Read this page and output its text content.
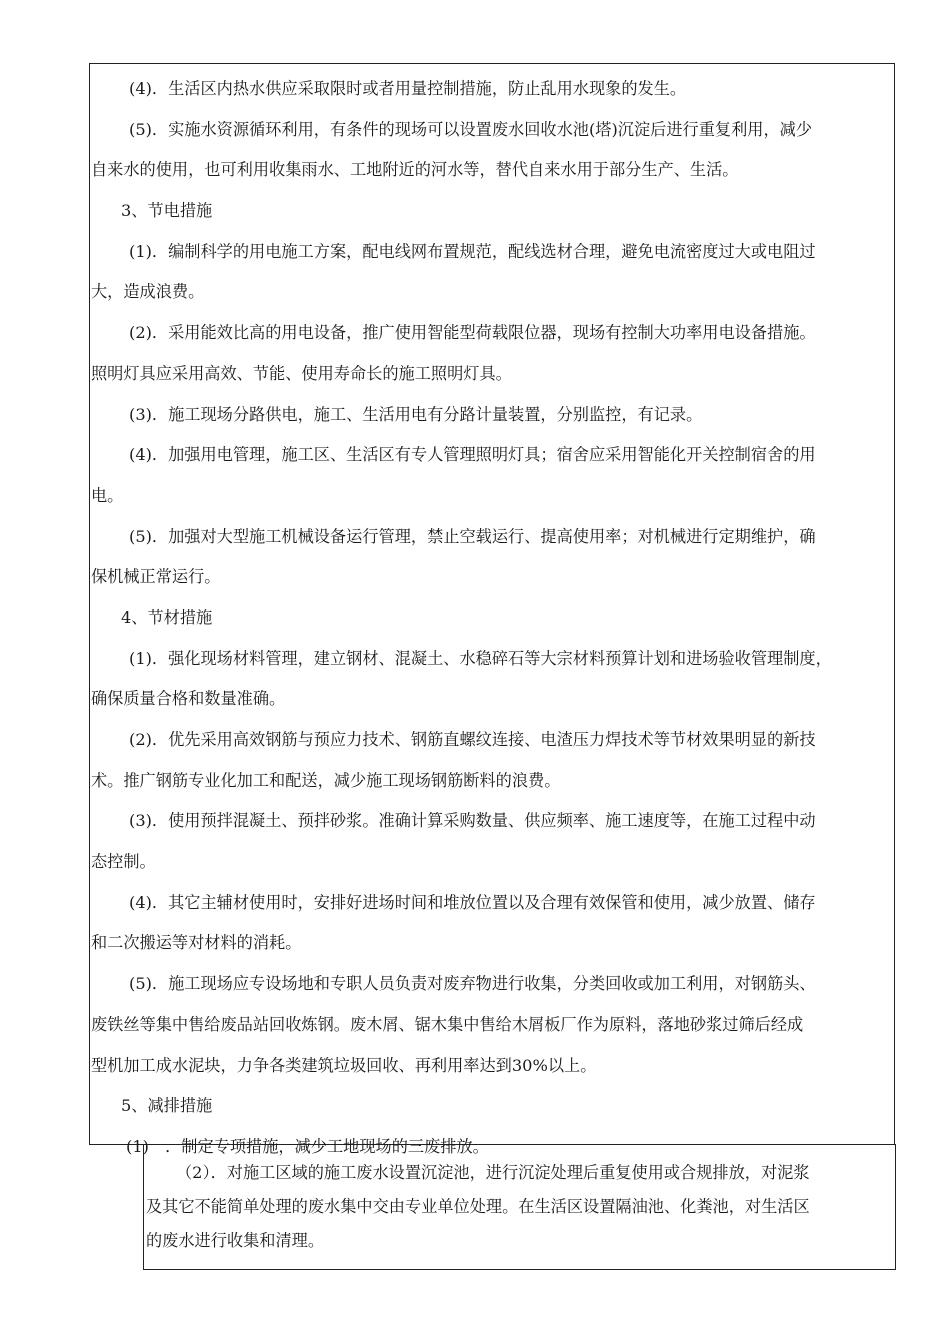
(4)．生活区内热水供应采取限时或者用量控制措施，防止乱用水现象的发生。
(5)．实施水资源循环利用，有条件的现场可以设置废水回收水池(塔)沉淀后进行重复利用，减少
自来水的使用，也可利用收集雨水、工地附近的河水等，替代自来水用于部分生产、生活。
3、节电措施
(1)．编制科学的用电施工方案，配电线网布置规范，配线选材合理，避免电流密度过大或电阻过
大，造成浪费。
(2)．采用能效比高的用电设备，推广使用智能型荷载限位器，现场有控制大功率用电设备措施。
照明灯具应采用高效、节能、使用寿命长的施工照明灯具。
(3)．施工现场分路供电，施工、生活用电有分路计量装置，分别监控，有记录。
(4)．加强用电管理，施工区、生活区有专人管理照明灯具；宿舍应采用智能化开关控制宿舍的用
电。
(5)．加强对大型施工机械设备运行管理，禁止空载运行、提高使用率；对机械进行定期维护，确
保机械正常运行。
4、节材措施
(1)．强化现场材料管理，建立钢材、混凝土、水稳碎石等大宗材料预算计划和进场验收管理制度，
确保质量合格和数量准确。
(2)．优先采用高效钢筋与预应力技术、钢筋直螺纹连接、电渣压力焊技术等节材效果明显的新技
术。推广钢筋专业化加工和配送，减少施工现场钢筋断料的浪费。
(3)．使用预拌混凝土、预拌砂浆。准确计算采购数量、供应频率、施工速度等，在施工过程中动
态控制。
(4)．其它主辅材使用时，安排好进场时间和堆放位置以及合理有效保管和使用，减少放置、储存
和二次搬运等对材料的消耗。
(5)．施工现场应专设场地和专职人员负责对废弃物进行收集，分类回收或加工利用，对钢筋头、
废铁丝等集中售给废品站回收炼钢。废木屑、锯木集中售给木屑板厂作为原料，落地砂浆过筛后经成
型机加工成水泥块，力争各类建筑垃圾回收、再利用率达到30%以上。
5、减排措施
(1)　．制定专项措施，减少工地现场的三废排放。
（2）．对施工区域的施工废水设置沉淀池，进行沉淀处理后重复使用或合规排放，对泥浆
及其它不能简单处理的废水集中交由专业单位处理。在生活区设置隔油池、化粪池，对生活区
的废水进行收集和清理。
